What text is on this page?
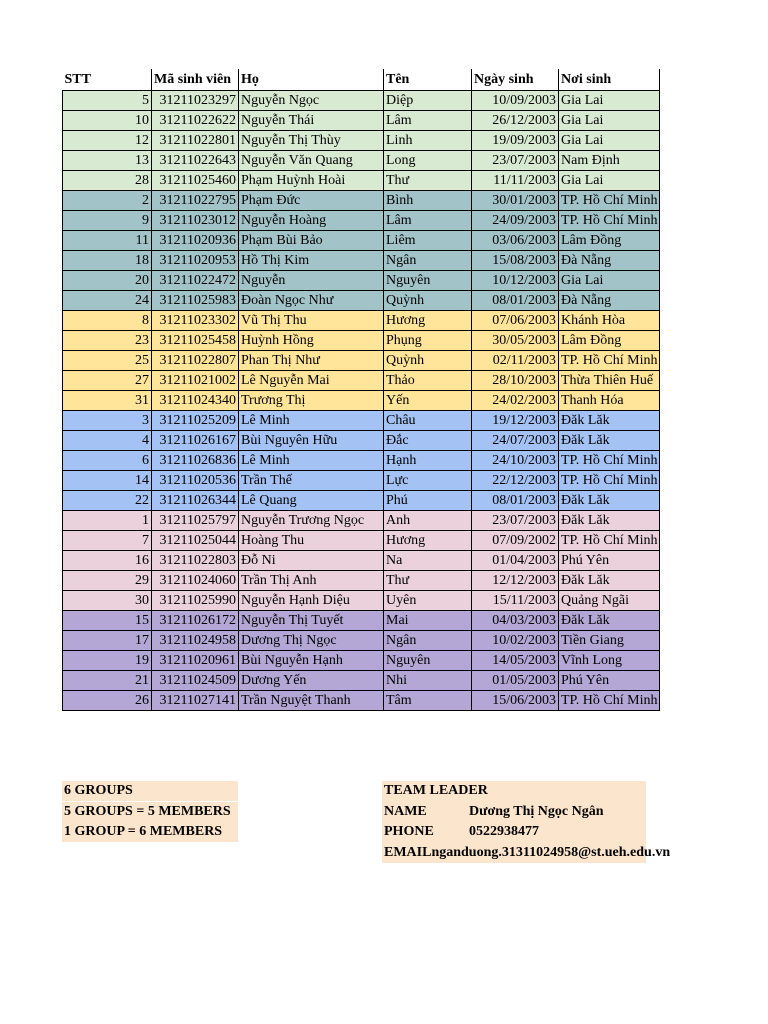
STT	Mã sinh viên	Họ	Tên	Ngày sinh	Nơi sinh
5	31211023297	Nguyễn Ngọc	Diệp	10/09/2003	Gia Lai
10	31211022622	Nguyễn Thái	Lâm	26/12/2003	Gia Lai
12	31211022801	Nguyễn Thị Thùy	Linh	19/09/2003	Gia Lai
13	31211022643	Nguyễn Văn Quang	Long	23/07/2003	Nam Định
28	31211025460	Phạm Huỳnh Hoài	Thư	11/11/2003	Gia Lai
2	31211022795	Phạm Đức	Bình	30/01/2003	TP. Hồ Chí Minh
9	31211023012	Nguyễn Hoàng	Lâm	24/09/2003	TP. Hồ Chí Minh
11	31211020936	Phạm Bùi Bảo	Liêm	03/06/2003	Lâm Đồng
18	31211020953	Hồ Thị Kim	Ngân	15/08/2003	Đà Nẵng
20	31211022472	Nguyễn	Nguyên	10/12/2003	Gia Lai
24	31211025983	Đoàn Ngọc Như	Quỳnh	08/01/2003	Đà Nẵng
8	31211023302	Vũ Thị Thu	Hương	07/06/2003	Khánh Hòa
23	31211025458	Huỳnh Hồng	Phụng	30/05/2003	Lâm Đồng
25	31211022807	Phan Thị Như	Quỳnh	02/11/2003	TP. Hồ Chí Minh
27	31211021002	Lê Nguyễn Mai	Thảo	28/10/2003	Thừa Thiên Huế
31	31211024340	Trương Thị	Yến	24/02/2003	Thanh Hóa
3	31211025209	Lê Minh	Châu	19/12/2003	Đăk Lăk
4	31211026167	Bùi Nguyên Hữu	Đắc	24/07/2003	Đăk Lăk
6	31211026836	Lê Minh	Hạnh	24/10/2003	TP. Hồ Chí Minh
14	31211020536	Trần Thế	Lực	22/12/2003	TP. Hồ Chí Minh
22	31211026344	Lê Quang	Phú	08/01/2003	Đăk Lăk
1	31211025797	Nguyễn Trương Ngọc	Anh	23/07/2003	Đăk Lăk
7	31211025044	Hoàng Thu	Hương	07/09/2002	TP. Hồ Chí Minh
16	31211022803	Đỗ Ni	Na	01/04/2003	Phú Yên
29	31211024060	Trần Thị Anh	Thư	12/12/2003	Đăk Lăk
30	31211025990	Nguyễn Hạnh Diệu	Uyên	15/11/2003	Quảng Ngãi
15	31211026172	Nguyễn Thị Tuyết	Mai	04/03/2003	Đăk Lăk
17	31211024958	Dương Thị Ngọc	Ngân	10/02/2003	Tiền Giang
19	31211020961	Bùi Nguyễn Hạnh	Nguyên	14/05/2003	Vĩnh Long
21	31211024509	Dương Yến	Nhi	01/05/2003	Phú Yên
26	31211027141	Trần Nguyệt Thanh	Tâm	15/06/2003	TP. Hồ Chí Minh
6 GROUPS
5 GROUPS = 5 MEMBERS
1 GROUP = 6 MEMBERS
TEAM LEADER
NAME	Dương Thị Ngọc Ngân
PHONE	0522938477
EMAIL nganduong.31311024958@st.ueh.edu.vn
